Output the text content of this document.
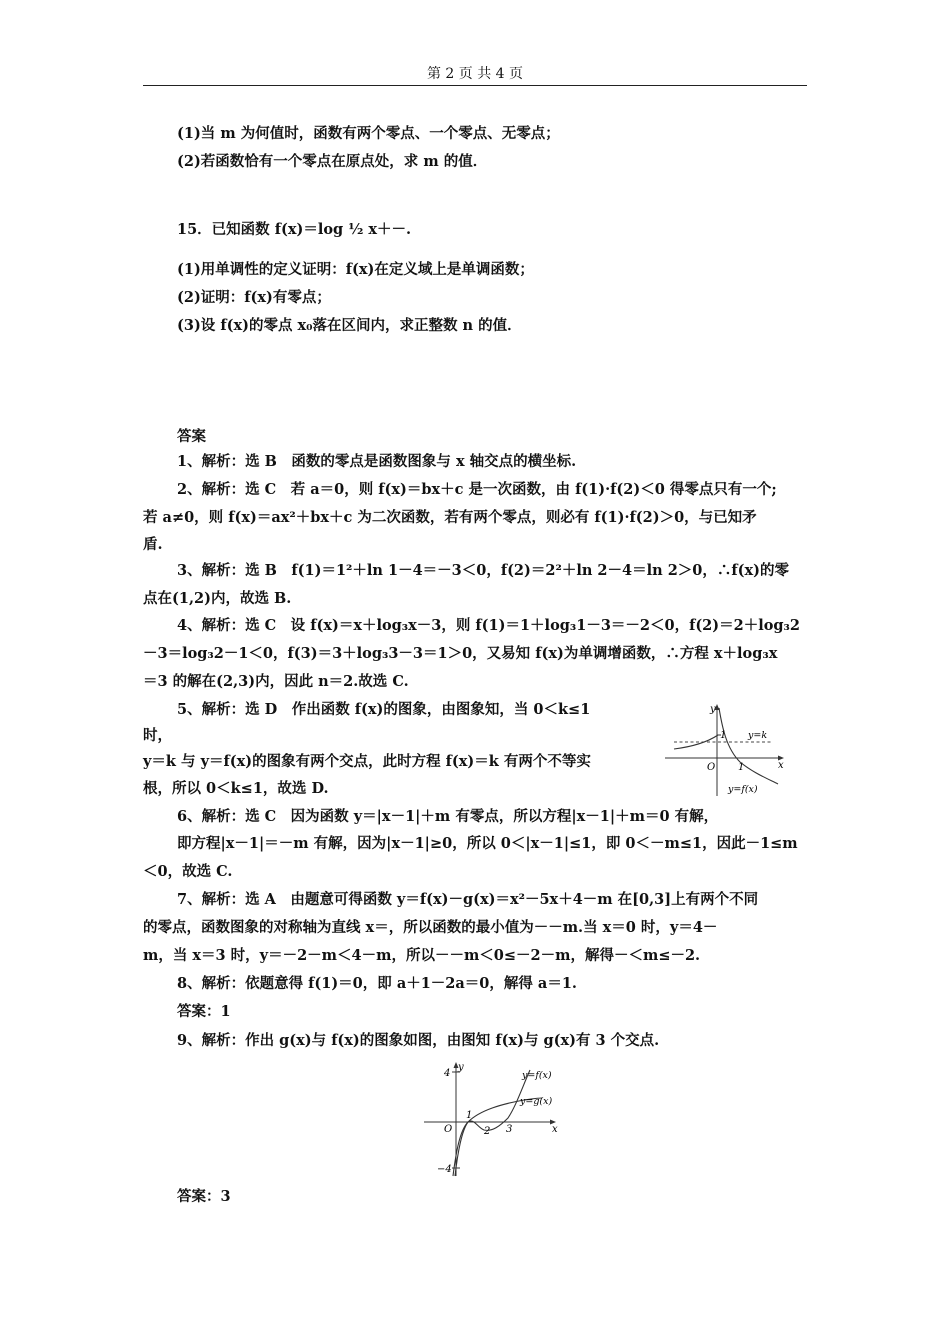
第 2 页 共 4 页
(1)当 m 为何值时，函数有两个零点、一个零点、无零点；
(2)若函数恰有一个零点在原点处，求 m 的值．
15．已知函数 f(x)＝log ½ x＋－.
(1)用单调性的定义证明：f(x)在定义域上是单调函数；
(2)证明：f(x)有零点；
(3)设 f(x)的零点 x₀落在区间内，求正整数 n 的值．
答案
1、解析：选 B　函数的零点是函数图象与 x 轴交点的横坐标.
2、解析：选 C　若 a＝0，则 f(x)＝bx＋c 是一次函数，由 f(1)·f(2)＜0 得零点只有一个;
若 a≠0，则 f(x)＝ax²＋bx＋c 为二次函数，若有两个零点，则必有 f(1)·f(2)＞0，与已知矛
盾.
3、解析：选 B　f(1)＝1²＋ln 1－4＝－3＜0，f(2)＝2²＋ln 2－4＝ln 2＞0，∴f(x)的零
点在(1,2)内，故选 B.
4、解析：选 C　设 f(x)＝x＋log₃x－3，则 f(1)＝1＋log₃1－3＝－2＜0，f(2)＝2＋log₃2
－3＝log₃2－1＜0，f(3)＝3＋log₃3－3＝1＞0，又易知 f(x)为单调增函数，∴方程 x＋log₃x
＝3 的解在(2,3)内，因此 n＝2.故选 C.
5、解析：选 D　作出函数 f(x)的图象，由图象知，当 0＜k≤1
时，
y＝k 与 y＝f(x)的图象有两个交点，此时方程 f(x)＝k 有两个不等实
根，所以 0＜k≤1，故选 D.
y
x
O 1
1 y=k
y=f(x)
6、解析：选 C　因为函数 y＝|x－1|＋m 有零点，所以方程|x－1|＋m＝0 有解，
即方程|x－1|＝－m 有解，因为|x－1|≥0，所以 0＜|x－1|≤1，即 0＜－m≤1，因此－1≤m
＜0，故选 C.
7、解析：选 A　由题意可得函数 y＝f(x)－g(x)＝x²－5x＋4－m 在[0,3]上有两个不同
的零点，函数图象的对称轴为直线 x＝，所以函数的最小值为－－m.当 x＝0 时，y＝4－
m，当 x＝3 时，y＝－2－m＜4－m，所以－－m＜0≤－2－m，解得－＜m≤－2.
8、解析：依题意得 f(1)＝0，即 a＋1－2a＝0，解得 a＝1.
答案：1
9、解析：作出 g(x)与 f(x)的图象如图，由图知 f(x)与 g(x)有 3 个交点.
y
x
O
4
−4
1
2 3
y=f(x)
y=g(x)
答案：3
